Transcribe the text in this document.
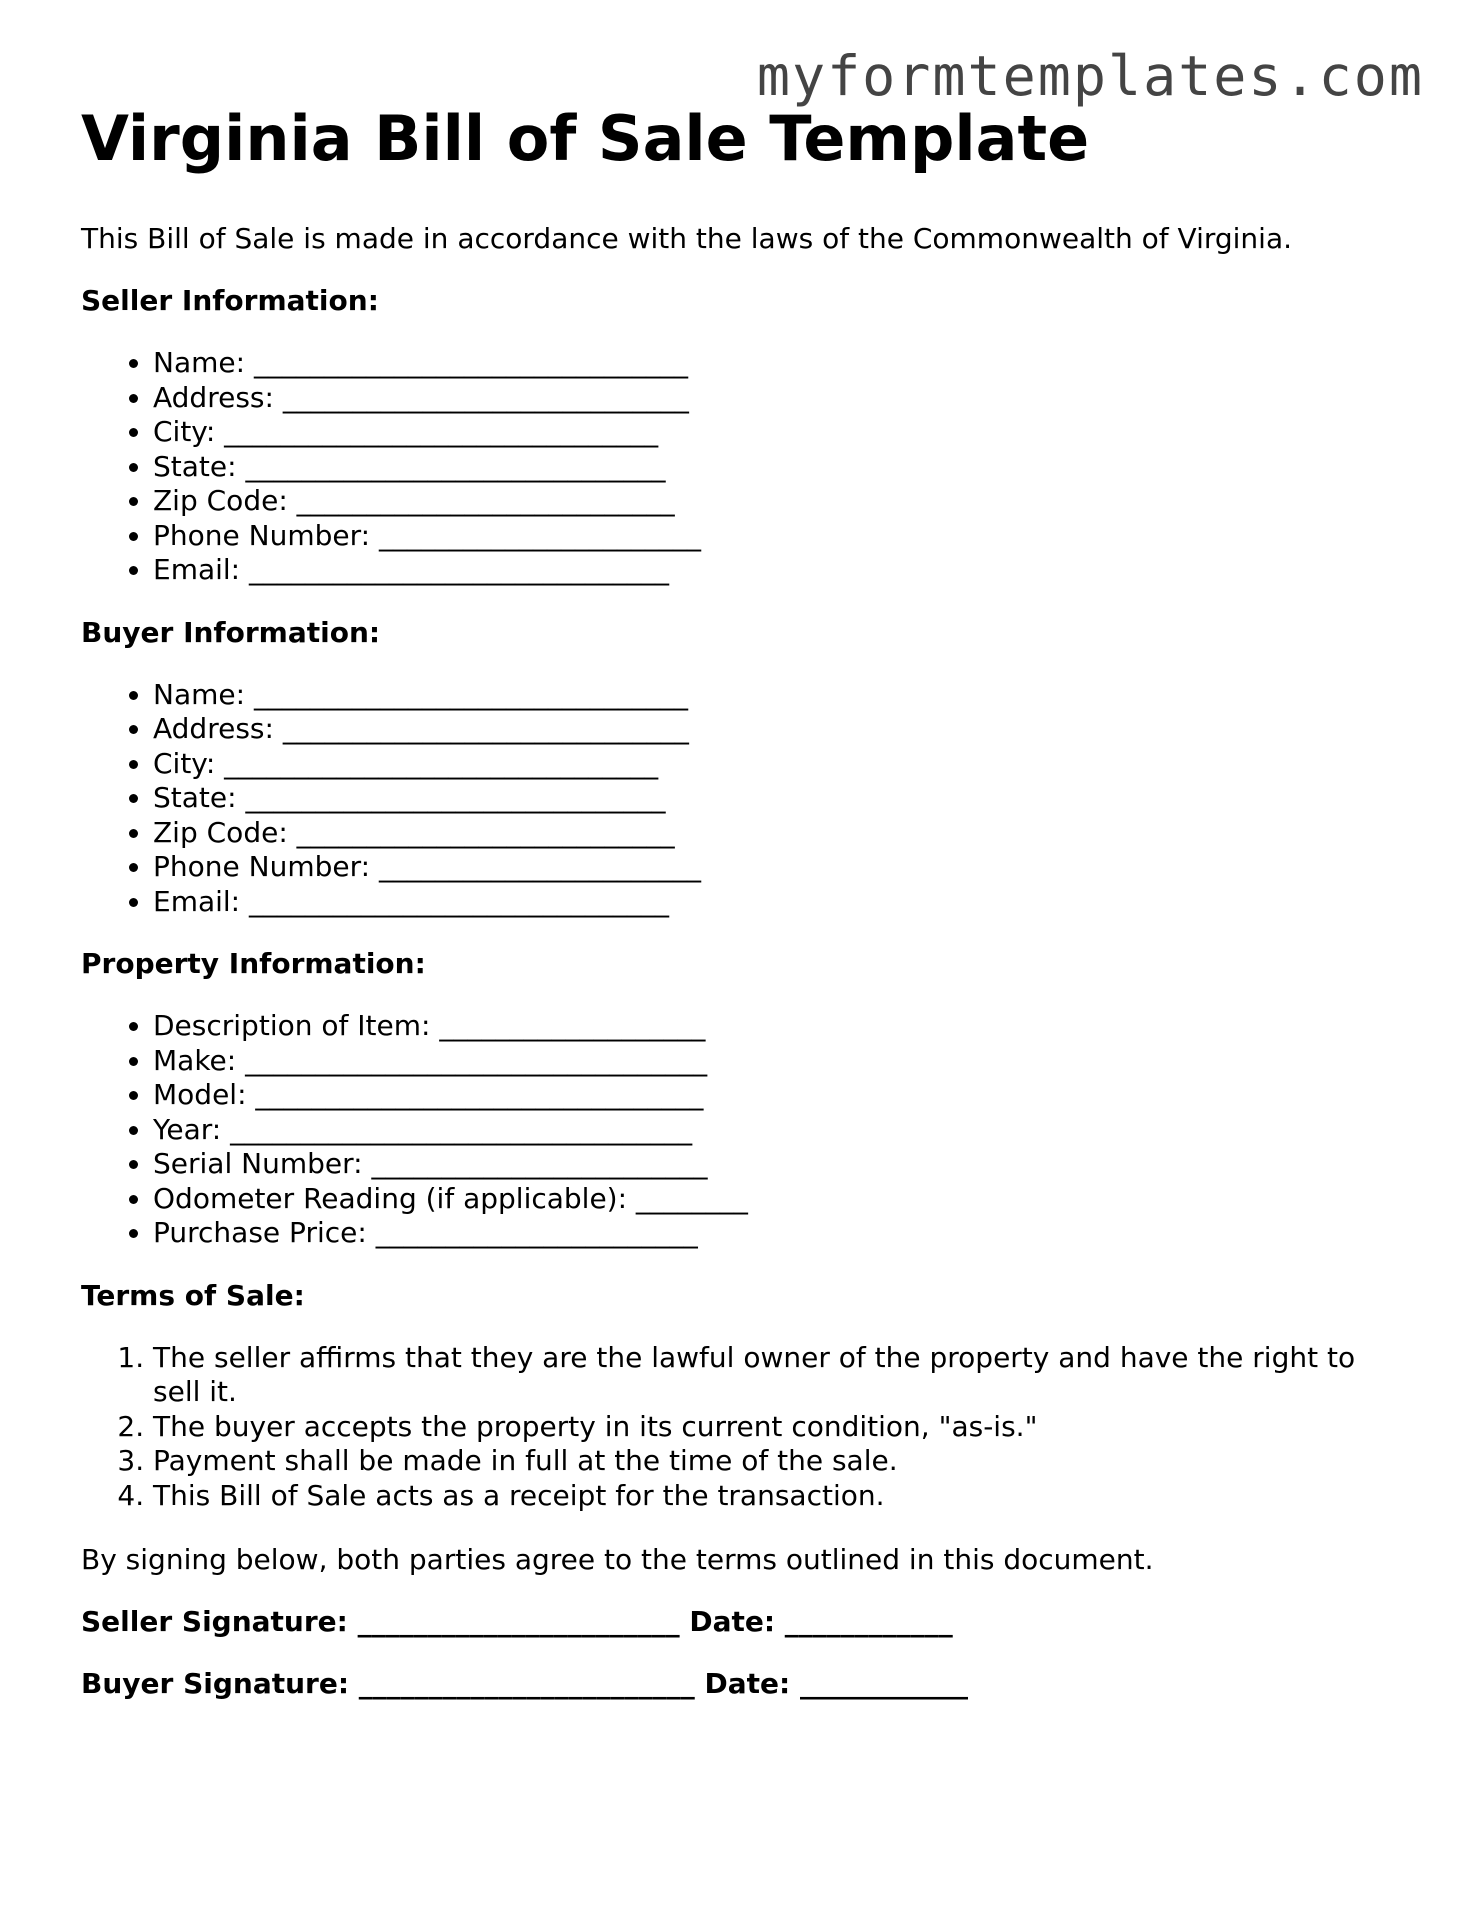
myformtemplates.com
Virginia Bill of Sale Template

This Bill of Sale is made in accordance with the laws of the Commonwealth of Virginia.

Seller Information:

• Name: _______________________________
• Address: _____________________________
• City: _______________________________
• State: ______________________________
• Zip Code: ___________________________
• Phone Number: _______________________
• Email: ______________________________

Buyer Information:

• Name: _______________________________
• Address: _____________________________
• City: _______________________________
• State: ______________________________
• Zip Code: ___________________________
• Phone Number: _______________________
• Email: ______________________________

Property Information:

• Description of Item: ___________________
• Make: _________________________________
• Model: ________________________________
• Year: _________________________________
• Serial Number: ________________________
• Odometer Reading (if applicable): ________
• Purchase Price: _______________________

Terms of Sale:

1. The seller affirms that they are the lawful owner of the property and have the right to sell it.
2. The buyer accepts the property in its current condition, "as-is."
3. Payment shall be made in full at the time of the sale.
4. This Bill of Sale acts as a receipt for the transaction.

By signing below, both parties agree to the terms outlined in this document.

Seller Signature: _______________________ Date: ____________

Buyer Signature: ________________________ Date: ____________
